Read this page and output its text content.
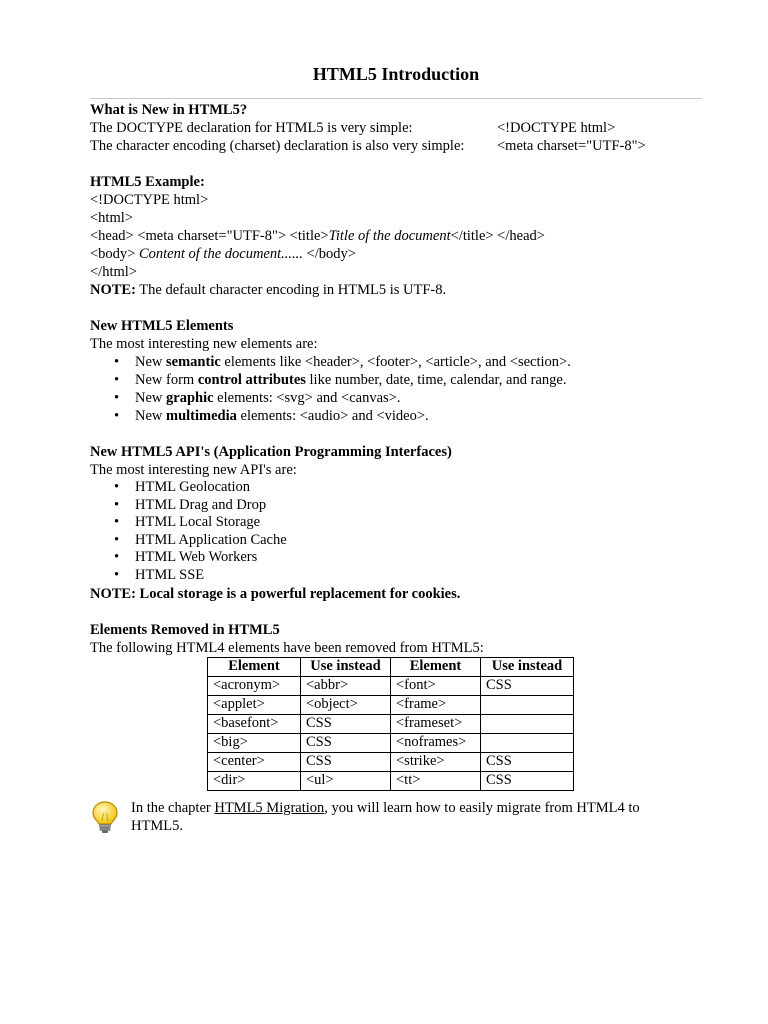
HTML5 Introduction
What is New in HTML5?
The DOCTYPE declaration for HTML5 is very simple:	<!DOCTYPE html>
The character encoding (charset) declaration is also very simple:	<meta charset="UTF-8">
HTML5 Example:
<!DOCTYPE html>
<html>
<head> <meta charset="UTF-8"> <title>Title of the document</title> </head>
<body> Content of the document...... </body>
</html>
NOTE: The default character encoding in HTML5 is UTF-8.
New HTML5 Elements
The most interesting new elements are:
• New semantic elements like <header>, <footer>, <article>, and <section>.
• New form control attributes like number, date, time, calendar, and range.
• New graphic elements: <svg> and <canvas>.
• New multimedia elements: <audio> and <video>.
New HTML5 API's (Application Programming Interfaces)
The most interesting new API's are:
• HTML Geolocation
• HTML Drag and Drop
• HTML Local Storage
• HTML Application Cache
• HTML Web Workers
• HTML SSE
NOTE: Local storage is a powerful replacement for cookies.
Elements Removed in HTML5
The following HTML4 elements have been removed from HTML5:
Element	Use instead	Element	Use instead
<acronym>	<abbr>	<font>	CSS
<applet>	<object>	<frame>	
<basefont>	CSS	<frameset>	
<big>	CSS	<noframes>	
<center>	CSS	<strike>	CSS
<dir>	<ul>	<tt>	CSS
In the chapter HTML5 Migration, you will learn how to easily migrate from HTML4 to HTML5.
